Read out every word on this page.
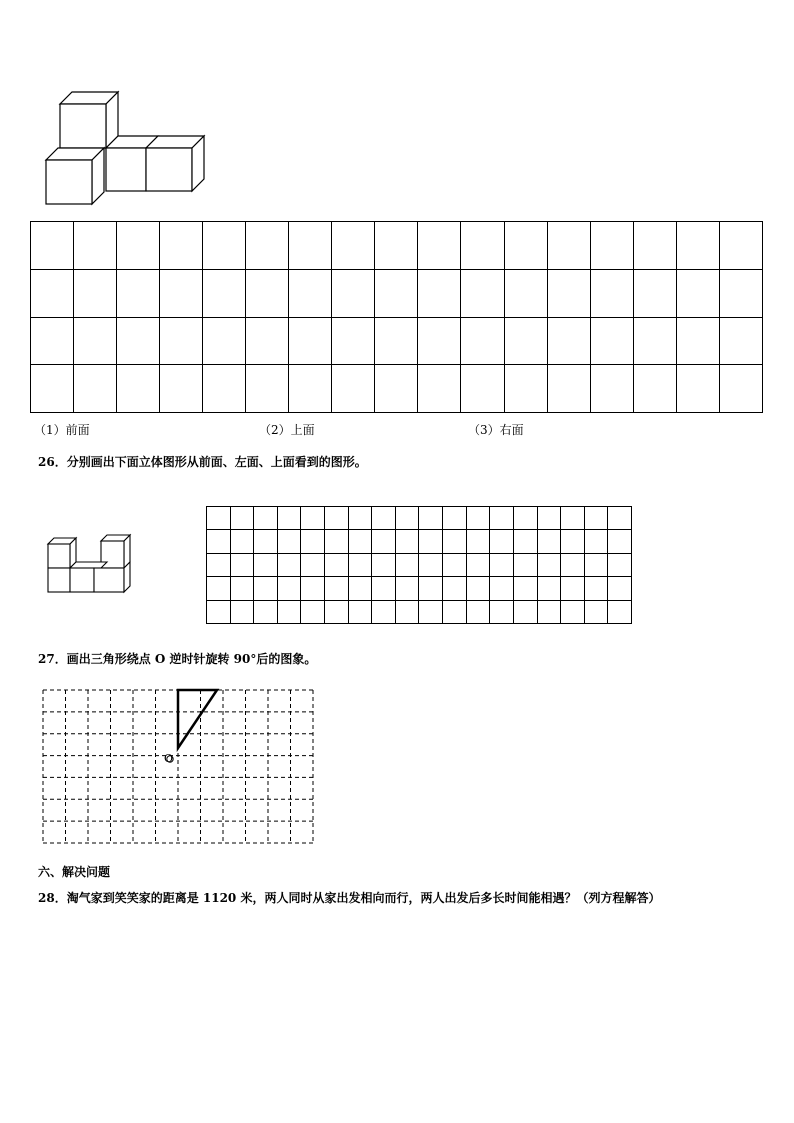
（1）前面	（2）上面	（3）右面
26．分别画出下面立体图形从前面、左面、上面看到的图形。

27．画出三角形绕点 O 逆时针旋转 90°后的图象。
O
六、解决问题
28．淘气家到笑笑家的距离是 1120 米，两人同时从家出发相向而行，两人出发后多长时间能相遇？（列方程解答）
